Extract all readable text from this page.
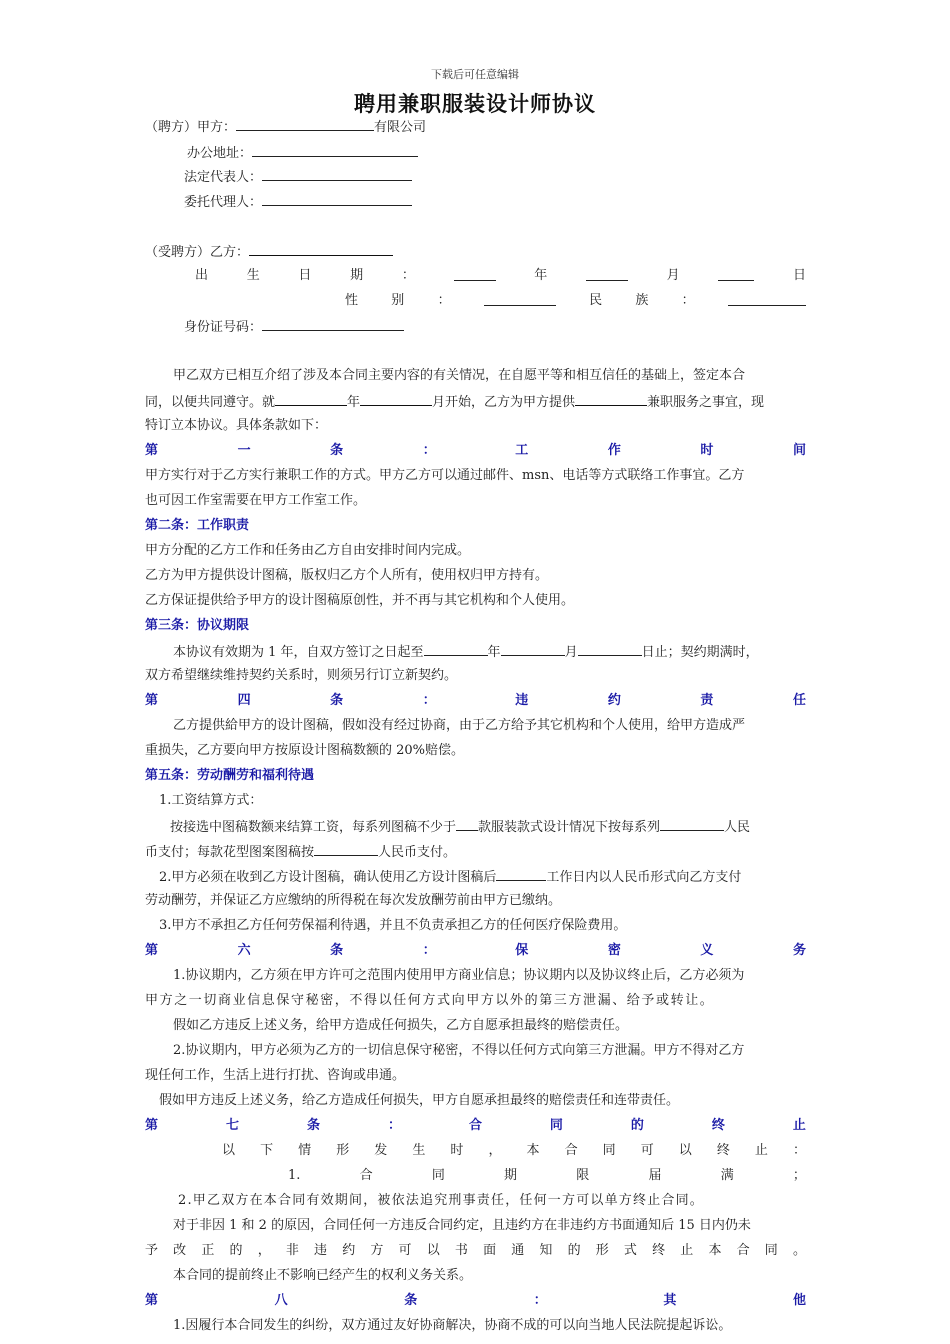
下载后可任意编辑
聘用兼职服装设计师协议
（聘方）甲方：	有限公司
办公地址：
法定代表人：
委托代理人：
（受聘方）乙方：
出	生	日	期	：	年	月	日
性	别	：	民	族	：
身份证号码：
甲乙双方已相互介绍了涉及本合同主要内容的有关情况，在自愿平等和相互信任的基础上，签定本合
同，以便共同遵守。就	年	月开始，乙方为甲方提供	兼职服务之事宜，现
特订立本协议。具体条款如下：
第	一	条	：	工	作	时	间
甲方实行对于乙方实行兼职工作的方式。甲方乙方可以通过邮件、msn、电话等方式联络工作事宜。乙方
也可因工作室需要在甲方工作室工作。
第二条：工作职责
甲方分配的乙方工作和任务由乙方自由安排时间内完成。
乙方为甲方提供设计图稿，版权归乙方个人所有，使用权归甲方持有。
乙方保证提供给予甲方的设计图稿原创性，并不再与其它机构和个人使用。
第三条：协议期限
本协议有效期为 1 年，自双方签订之日起至	年	月	日止；契约期满时，
双方希望继续维持契约关系时，则须另行订立新契约。
第	四	条	：	违	约	责	任
乙方提供給甲方的设计图稿，假如没有经过协商，由于乙方给予其它机构和个人使用，给甲方造成严
重损失，乙方要向甲方按原设计图稿数额的 20%赔偿。
第五条：劳动酬劳和福利待遇
1.工资结算方式：
按接选中图稿数额来结算工资，每系列图稿不少于 款服装款式设计情况下按每系列	人民
币支付；每款花型图案图稿按	人民币支付。
2.甲方必须在收到乙方设计图稿，确认使用乙方设计图稿后	工作日内以人民币形式向乙方支付
劳动酬劳，并保证乙方应缴纳的所得税在每次发放酬劳前由甲方已缴纳。
3.甲方不承担乙方任何劳保福利待遇，并且不负责承担乙方的任何医疗保险费用。
第	六	条	：	保	密	义	务
1.协议期内，乙方须在甲方许可之范围内使用甲方商业信息；协议期内以及协议终止后，乙方必须为
甲方之一切商业信息保守秘密，不得以任何方式向甲方以外的第三方泄漏、给予或转让。
假如乙方违反上述义务，给甲方造成任何损失，乙方自愿承担最终的赔偿责任。
2.协议期内，甲方必须为乙方的一切信息保守秘密，不得以任何方式向第三方泄漏。甲方不得对乙方
现任何工作，生活上进行打扰、咨询或串通。
假如甲方违反上述义务，给乙方造成任何损失，甲方自愿承担最终的赔偿责任和连带责任。
第	七	条	：	合	同	的	终	止
以 下 情 形 发 生 时 ， 本 合 同 可 以 终 止 ：
1.	合	同	期	限	届	满	；
2.甲乙双方在本合同有效期间，被依法追究刑事责任，任何一方可以单方终止合同。
对于非因 1 和 2 的原因，合同任何一方违反合同约定，且违约方在非违约方书面通知后 15 日内仍未
予 改 正 的 ， 非 违 约 方 可 以 书 面 通 知 的 形 式 终 止 本 合 同 。
本合同的提前终止不影响已经产生的权利义务关系。
第	八	条	：	其	他
1.因履行本合同发生的纠纷，双方通过友好协商解决，协商不成的可以向当地人民法院提起诉讼。
